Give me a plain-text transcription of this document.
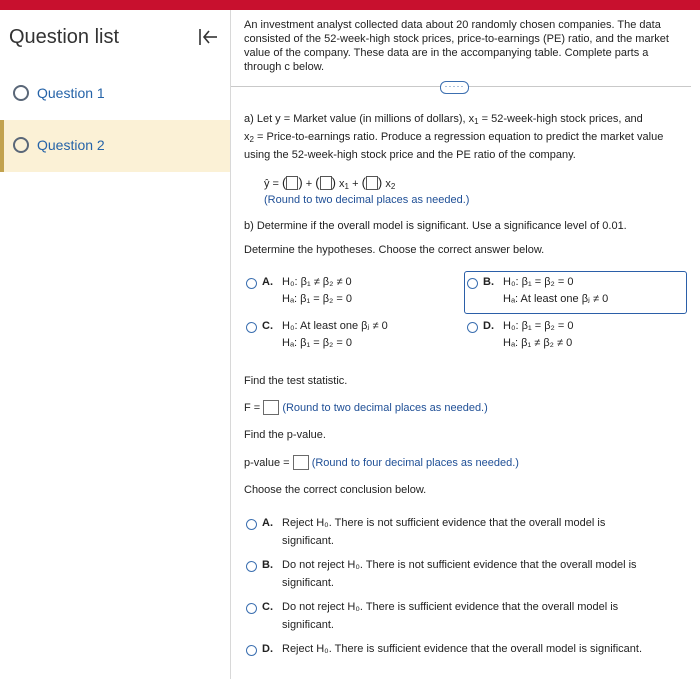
Question list
Question 1
Question 2
An investment analyst collected data about 20 randomly chosen companies. The data consisted of the 52-week-high stock prices, price-to-earnings (PE) ratio, and the market value of the company. These data are in the accompanying table. Complete parts a through c below.
·····
a) Let y = Market value (in millions of dollars), $x_1$ = 52-week-high stock prices, and
$x_2$ = Price-to-earnings ratio. Produce a regression equation to predict the market value
using the 52-week-high stock price and the PE ratio of the company.
ŷ = ( ) + ( ) $x_1$ + ( ) $x_2$
(Round to two decimal places as needed.)
b) Determine if the overall model is significant. Use a significance level of 0.01.
Determine the hypotheses. Choose the correct answer below.
A. H₀: β₁ ≠ β₂ ≠ 0
Hₐ: β₁ = β₂ = 0
B. H₀: β₁ = β₂ = 0
Hₐ: At least one βⱼ ≠ 0
C. H₀: At least one βⱼ ≠ 0
Hₐ: β₁ = β₂ = 0
D. H₀: β₁ = β₂ = 0
Hₐ: β₁ ≠ β₂ ≠ 0
Find the test statistic.
F = (Round to two decimal places as needed.)
Find the p-value.
p-value = (Round to four decimal places as needed.)
Choose the correct conclusion below.
A. Reject H₀. There is not sufficient evidence that the overall model is
significant.
B. Do not reject H₀. There is not sufficient evidence that the overall model is
significant.
C. Do not reject H₀. There is sufficient evidence that the overall model is
significant.
D. Reject H₀. There is sufficient evidence that the overall model is significant.
